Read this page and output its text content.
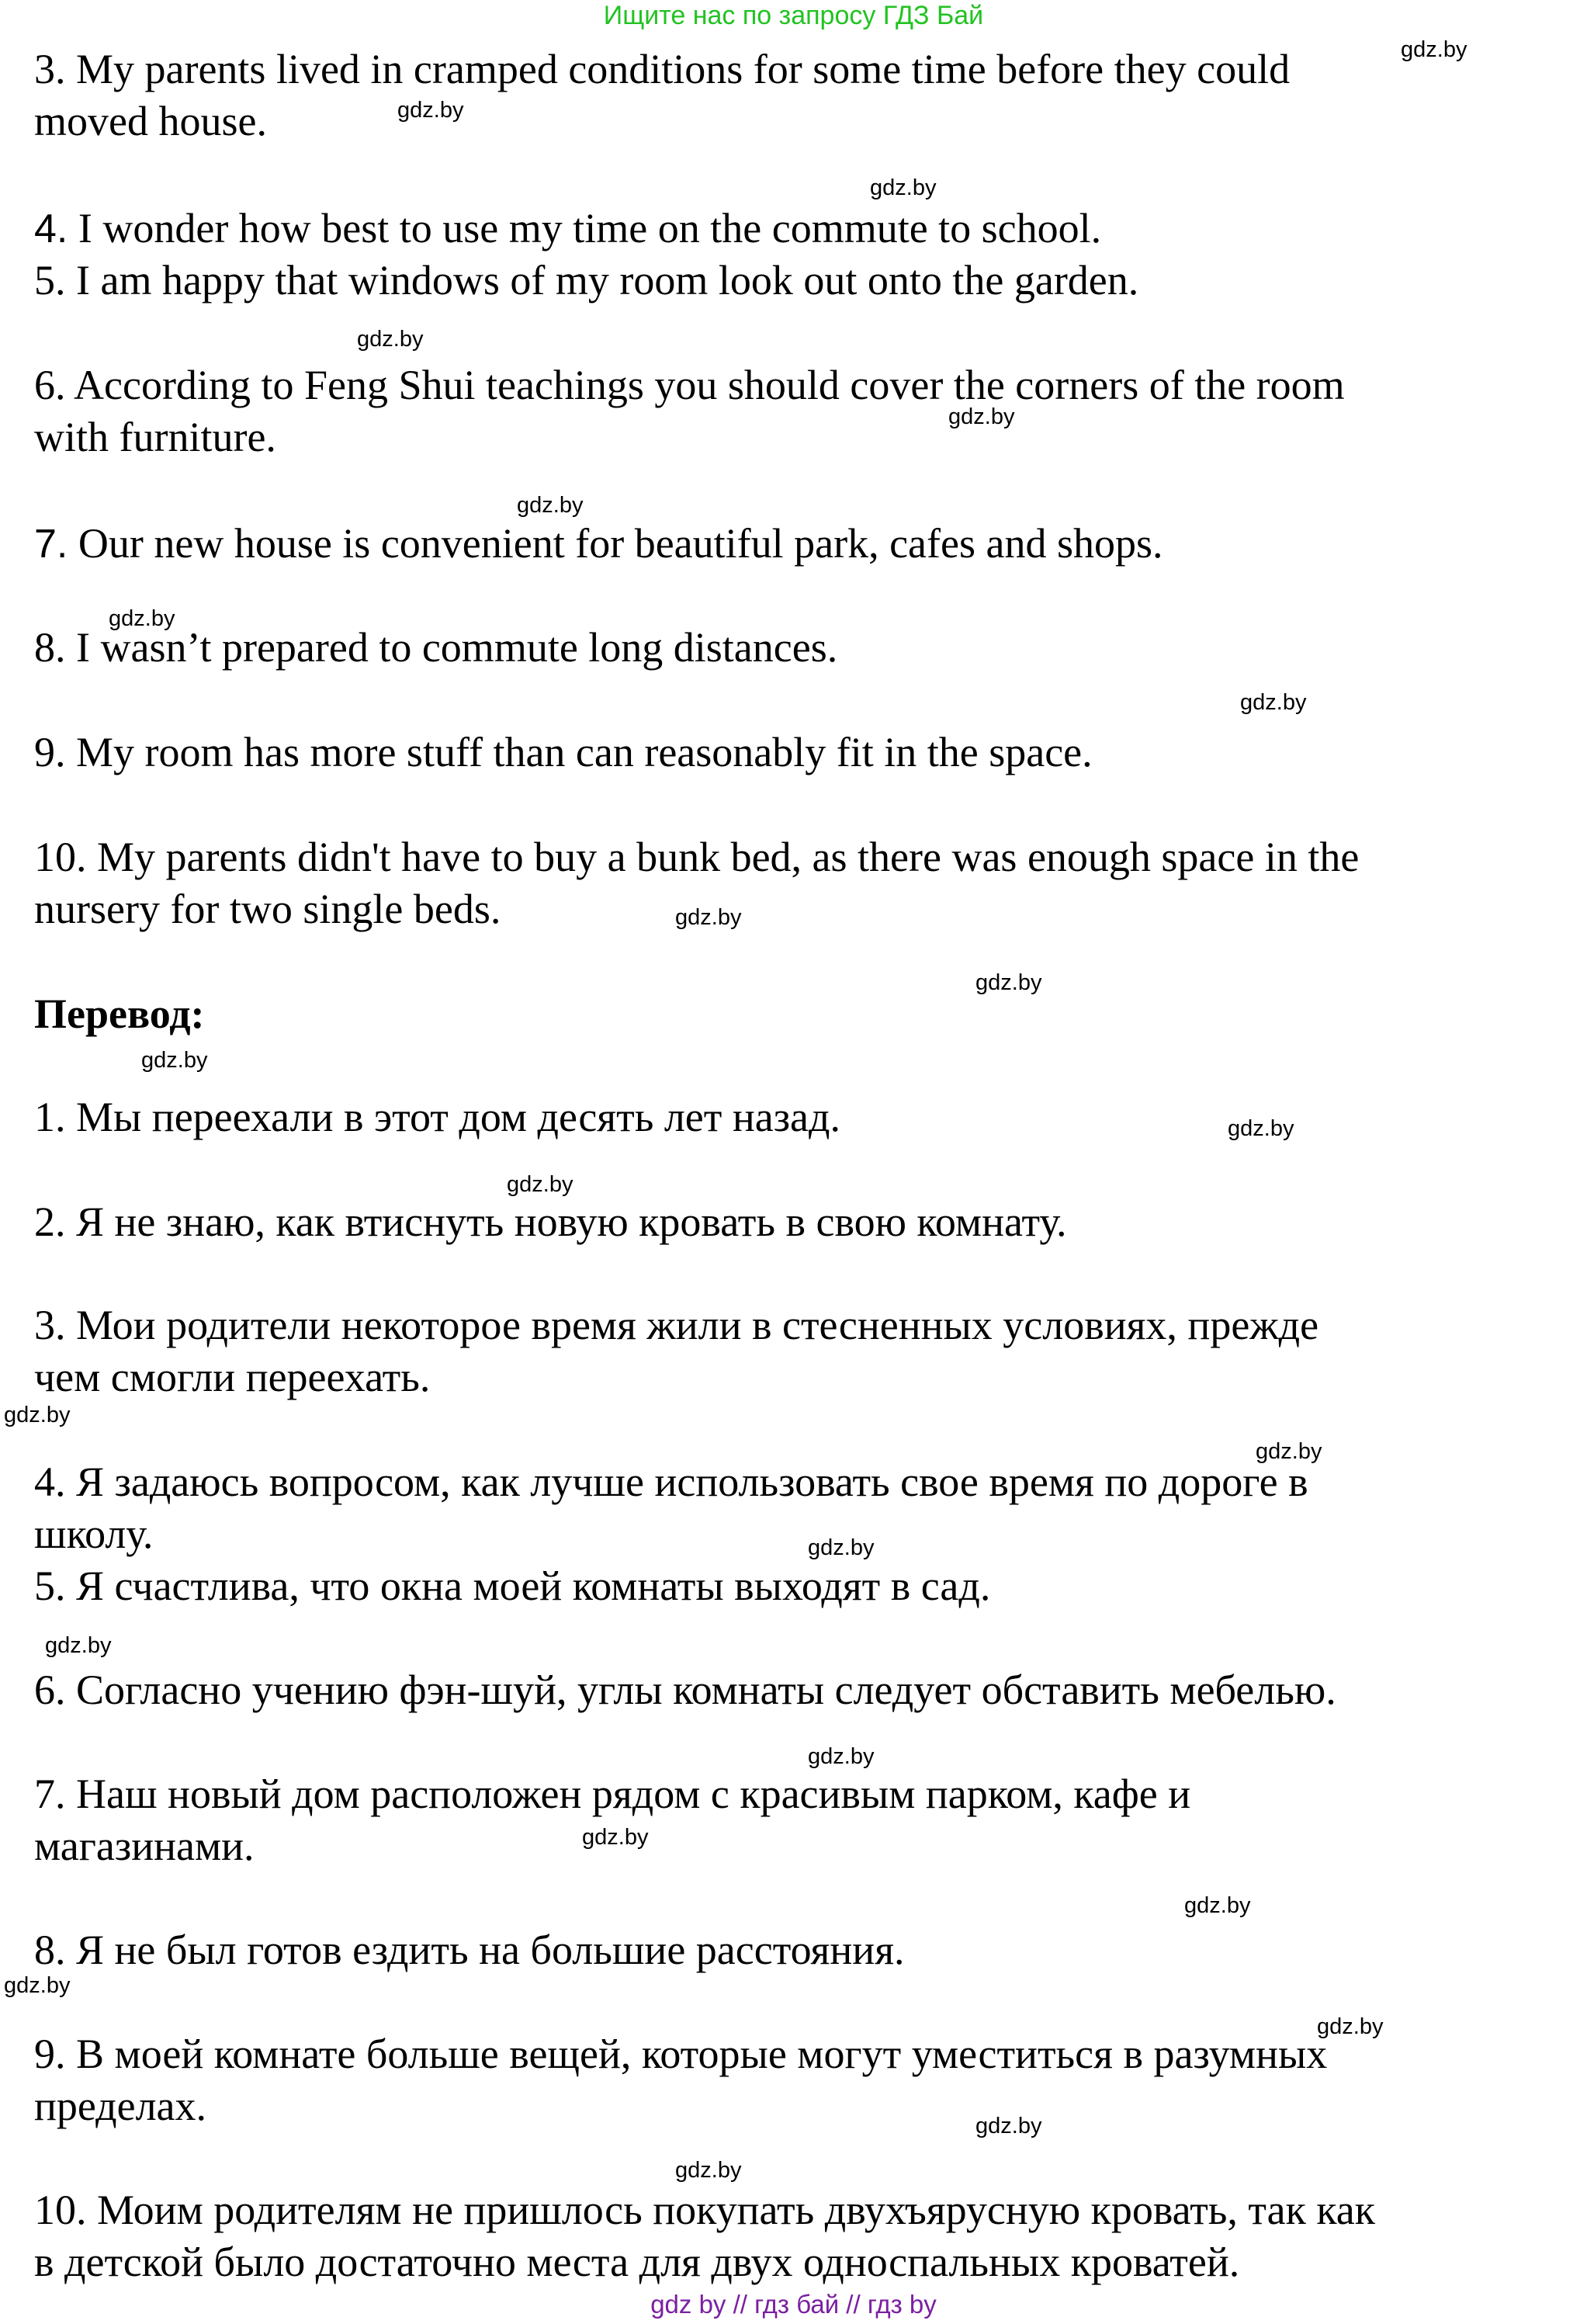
Ищите нас по запросу ГДЗ Бай
3. My parents lived in cramped conditions for some time before they could
moved house.
4. I wonder how best to use my time on the commute to school.
5. I am happy that windows of my room look out onto the garden.
6. According to Feng Shui teachings you should cover the corners of the room
with furniture.
7. Our new house is convenient for beautiful park, cafes and shops.
8. I wasn’t prepared to commute long distances.
9. My room has more stuff than can reasonably fit in the space.
10. My parents didn't have to buy a bunk bed, as there was enough space in the
nursery for two single beds.
Перевод:
1. Мы переехали в этот дом десять лет назад.
2. Я не знаю, как втиснуть новую кровать в свою комнату.
3. Мои родители некоторое время жили в стесненных условиях, прежде
чем смогли переехать.
4. Я задаюсь вопросом, как лучше использовать свое время по дороге в
школу.
5. Я счастлива, что окна моей комнаты выходят в сад.
6. Согласно учению фэн-шуй, углы комнаты следует обставить мебелью.
7. Наш новый дом расположен рядом с красивым парком, кафе и
магазинами.
8. Я не был готов ездить на большие расстояния.
9. В моей комнате больше вещей, которые могут уместиться в разумных
пределах.
10. Моим родителям не пришлось покупать двухъярусную кровать, так как
в детской было достаточно места для двух односпальных кроватей.
gdz.by
gdz.by
gdz.by
gdz.by
gdz.by
gdz.by
gdz.by
gdz.by
gdz.by
gdz.by
gdz.by
gdz.by
gdz.by
gdz.by
gdz.by
gdz.by
gdz.by
gdz.by
gdz.by
gdz.by
gdz.by
gdz.by
gdz.by
gdz.by
gdz by // гдз бай // гдз by
